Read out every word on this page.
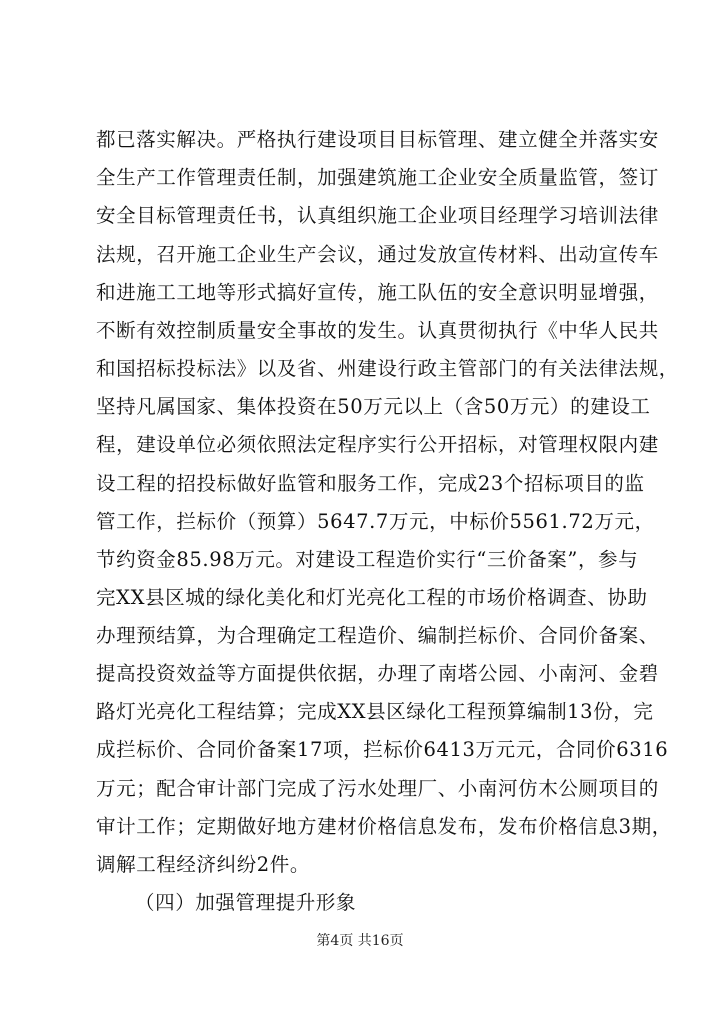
都已落实解决。严格执行建设项目目标管理、建立健全并落实安
全生产工作管理责任制，加强建筑施工企业安全质量监管，签订
安全目标管理责任书，认真组织施工企业项目经理学习培训法律
法规，召开施工企业生产会议，通过发放宣传材料、出动宣传车
和进施工工地等形式搞好宣传，施工队伍的安全意识明显增强，
不断有效控制质量安全事故的发生。认真贯彻执行《中华人民共
和国招标投标法》以及省、州建设行政主管部门的有关法律法规，
坚持凡属国家、集体投资在50万元以上（含50万元）的建设工
程，建设单位必须依照法定程序实行公开招标，对管理权限内建
设工程的招投标做好监管和服务工作，完成23个招标项目的监
管工作，拦标价（预算）5647.7万元，中标价5561.72万元，
节约资金85.98万元。对建设工程造价实行“三价备案”，参与
完XX县区城的绿化美化和灯光亮化工程的市场价格调查、协助
办理预结算，为合理确定工程造价、编制拦标价、合同价备案、
提高投资效益等方面提供依据，办理了南塔公园、小南河、金碧
路灯光亮化工程结算；完成XX县区绿化工程预算编制13份，完
成拦标价、合同价备案17项，拦标价6413万元元，合同价6316
万元；配合审计部门完成了污水处理厂、小南河仿木公厕项目的
审计工作；定期做好地方建材价格信息发布，发布价格信息3期，
调解工程经济纠纷2件。
（四）加强管理提升形象
第4页 共16页
